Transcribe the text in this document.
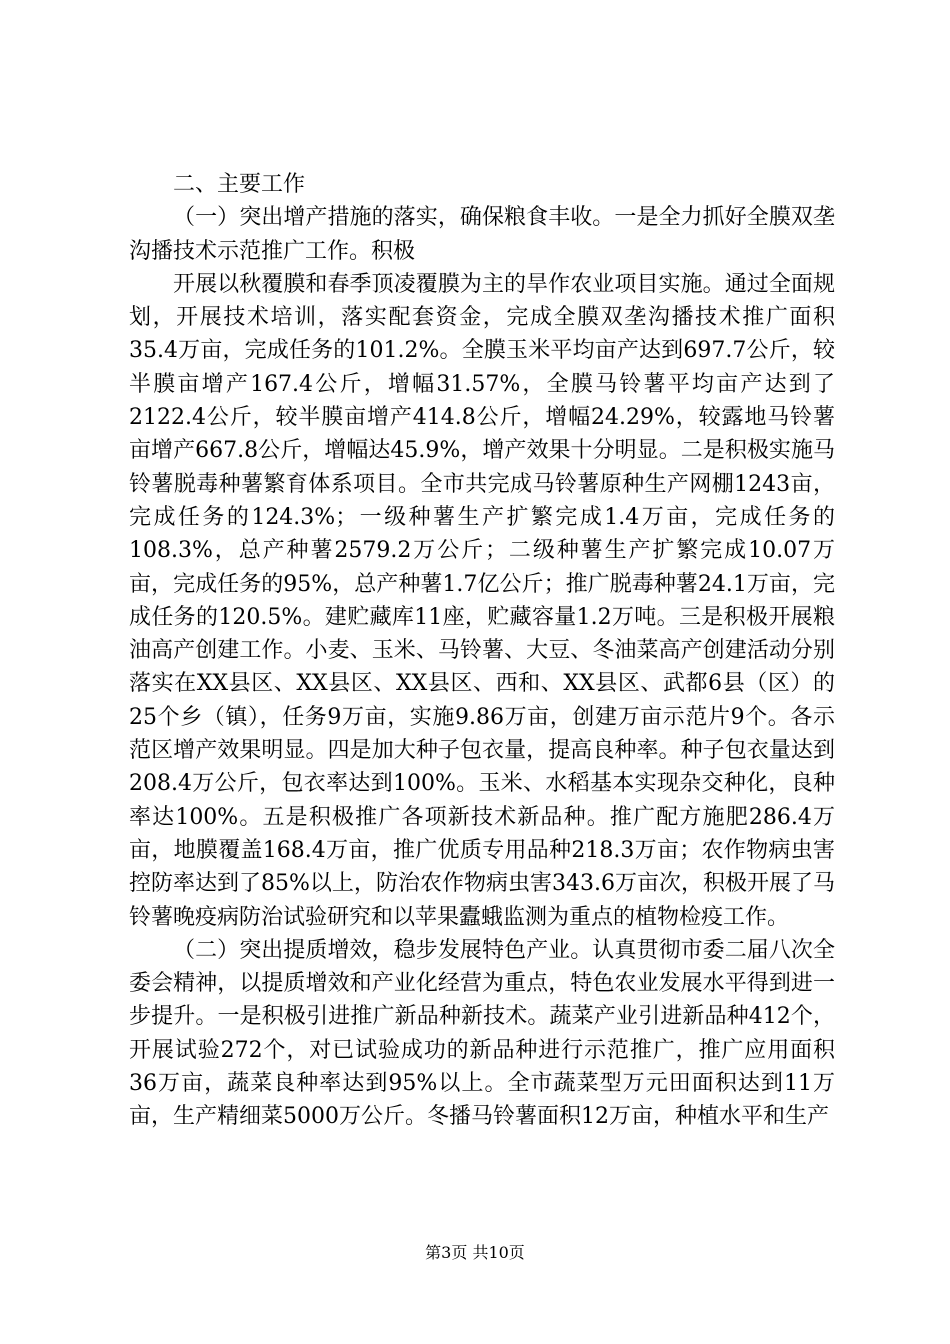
二、主要工作

（一）突出增产措施的落实，确保粮食丰收。一是全力抓好全膜双垄沟播技术示范推广工作。积极

开展以秋覆膜和春季顶凌覆膜为主的旱作农业项目实施。通过全面规划，开展技术培训，落实配套资金，完成全膜双垄沟播技术推广面积35.4万亩，完成任务的101.2%。全膜玉米平均亩产达到697.7公斤，较半膜亩增产167.4公斤，增幅31.57%，全膜马铃薯平均亩产达到了2122.4公斤，较半膜亩增产414.8公斤，增幅24.29%，较露地马铃薯亩增产667.8公斤，增幅达45.9%，增产效果十分明显。二是积极实施马铃薯脱毒种薯繁育体系项目。全市共完成马铃薯原种生产网棚1243亩，完成任务的124.3%；一级种薯生产扩繁完成1.4万亩，完成任务的108.3%，总产种薯2579.2万公斤；二级种薯生产扩繁完成10.07万亩，完成任务的95%，总产种薯1.7亿公斤；推广脱毒种薯24.1万亩，完成任务的120.5%。建贮藏库11座，贮藏容量1.2万吨。三是积极开展粮油高产创建工作。小麦、玉米、马铃薯、大豆、冬油菜高产创建活动分别落实在XX县区、XX县区、XX县区、西和、XX县区、武都6县（区）的25个乡（镇），任务9万亩，实施9.86万亩，创建万亩示范片9个。各示范区增产效果明显。四是加大种子包衣量，提高良种率。种子包衣量达到208.4万公斤，包衣率达到100%。玉米、水稻基本实现杂交种化，良种率达100%。五是积极推广各项新技术新品种。推广配方施肥286.4万亩，地膜覆盖168.4万亩，推广优质专用品种218.3万亩；农作物病虫害控防率达到了85%以上，防治农作物病虫害343.6万亩次，积极开展了马铃薯晚疫病防治试验研究和以苹果蠹蛾监测为重点的植物检疫工作。

（二）突出提质增效，稳步发展特色产业。认真贯彻市委二届八次全委会精神，以提质增效和产业化经营为重点，特色农业发展水平得到进一步提升。一是积极引进推广新品种新技术。蔬菜产业引进新品种412个，开展试验272个，对已试验成功的新品种进行示范推广，推广应用面积36万亩，蔬菜良种率达到95%以上。全市蔬菜型万元田面积达到11万亩，生产精细菜5000万公斤。冬播马铃薯面积12万亩，种植水平和生产

第3页 共10页
